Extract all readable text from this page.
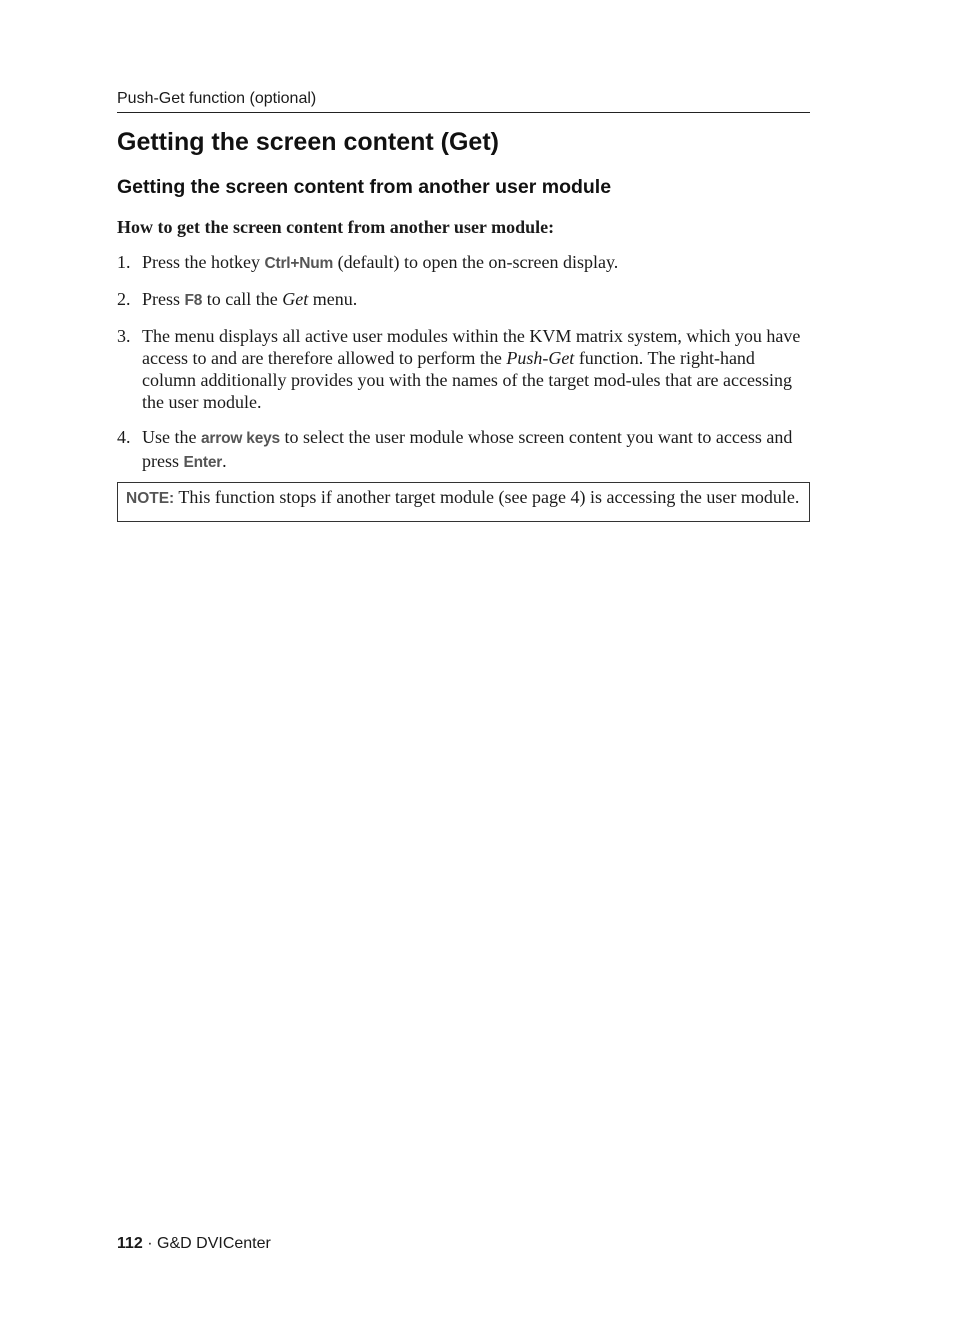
Push-Get function (optional)
Getting the screen content (Get)
Getting the screen content from another user module

How to get the screen content from another user module:

1. Press the hotkey Ctrl+Num (default) to open the on-screen display.
2. Press F8 to call the Get menu.
3. The menu displays all active user modules within the KVM matrix system, which you have access to and are therefore allowed to perform the Push-Get function. The right-hand column additionally provides you with the names of the target mod-ules that are accessing the user module.
4. Use the arrow keys to select the user module whose screen content you want to access and press Enter.
NOTE: This function stops if another target module (see page 4) is accessing the user module.
112 · G&D DVICenter
